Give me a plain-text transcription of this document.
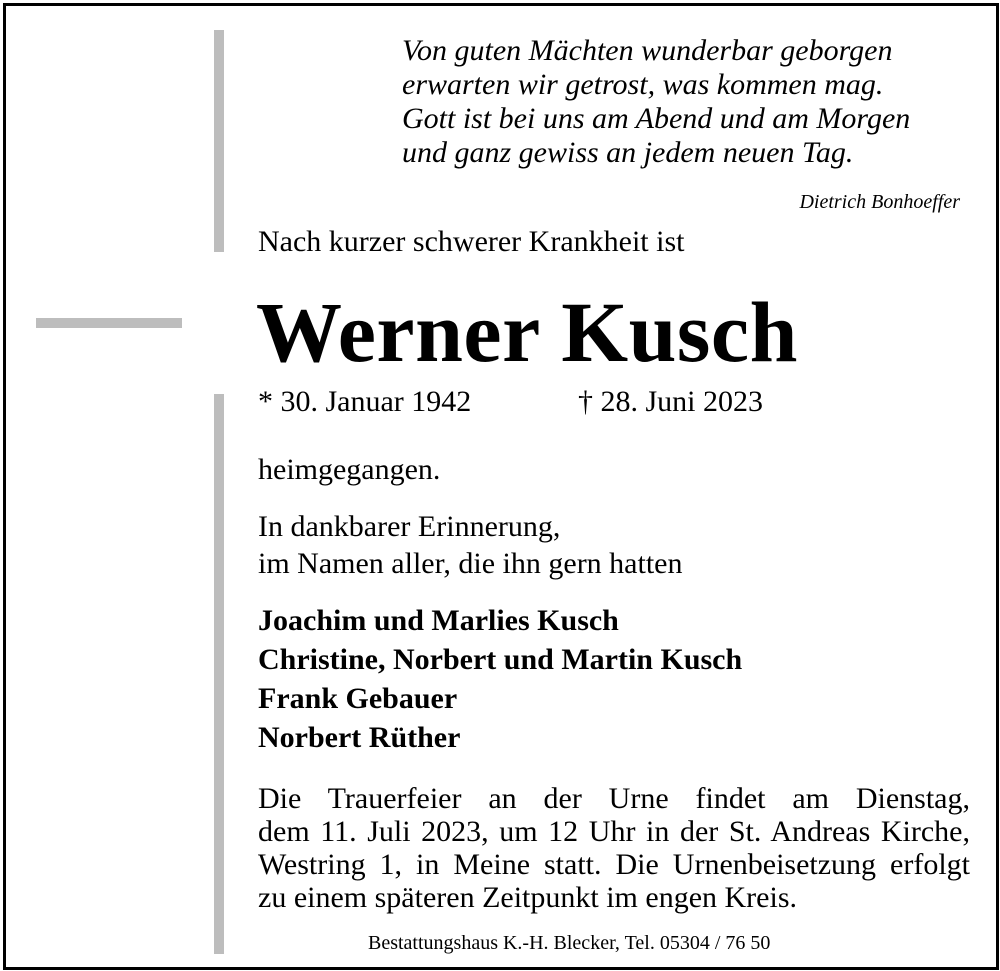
Von guten Mächten wunderbar geborgen
erwarten wir getrost, was kommen mag.
Gott ist bei uns am Abend und am Morgen
und ganz gewiss an jedem neuen Tag.
Dietrich Bonhoeffer
Nach kurzer schwerer Krankheit ist
Werner Kusch
* 30. Januar 1942	† 28. Juni 2023
heimgegangen.
In dankbarer Erinnerung,
im Namen aller, die ihn gern hatten
Joachim und Marlies Kusch
Christine, Norbert und Martin Kusch
Frank Gebauer
Norbert Rüther
Die Trauerfeier an der Urne findet am Dienstag,
dem 11. Juli 2023, um 12 Uhr in der St. Andreas Kirche,
Westring 1, in Meine statt. Die Urnenbeisetzung erfolgt
zu einem späteren Zeitpunkt im engen Kreis.
Bestattungshaus K.-H. Blecker, Tel. 05304 / 76 50
